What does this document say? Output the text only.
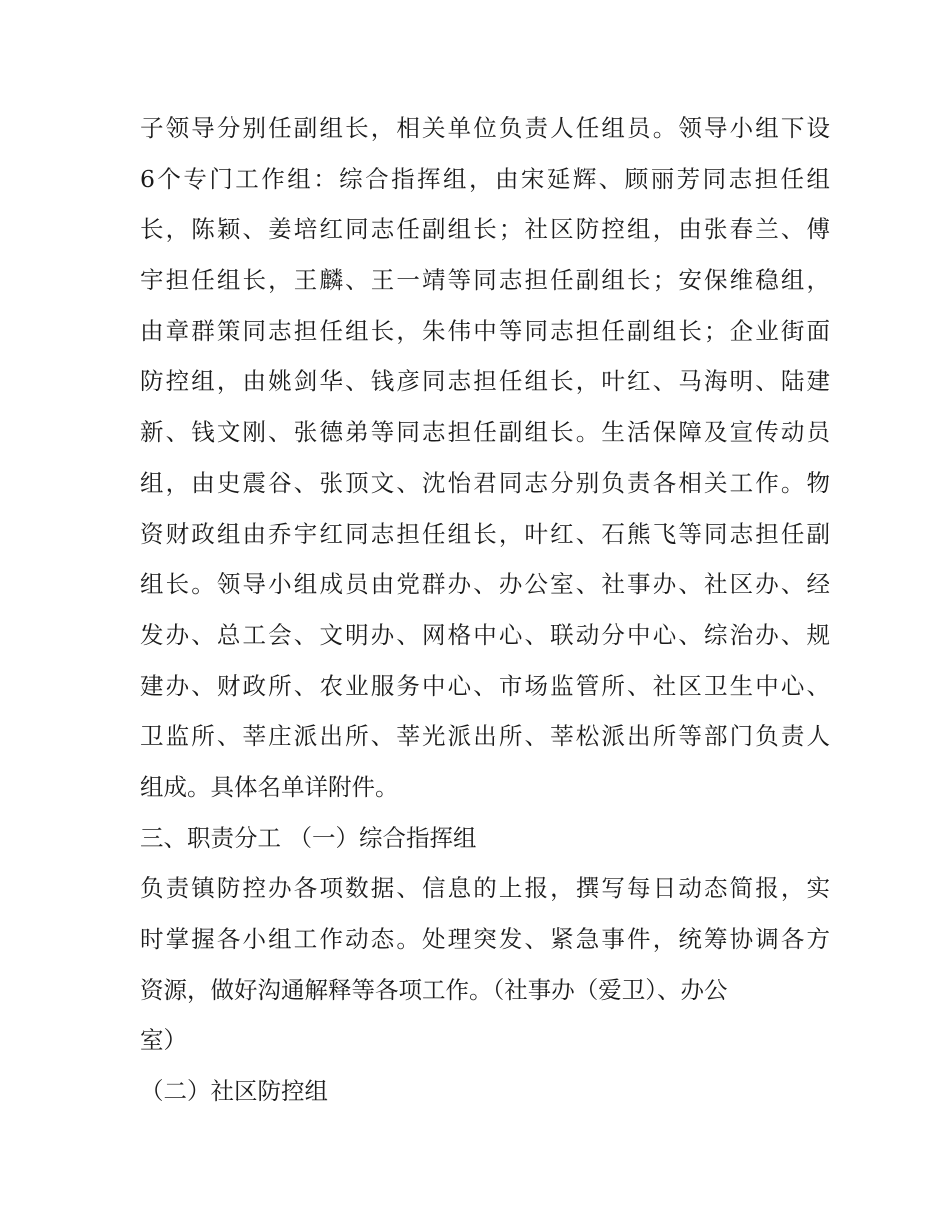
子领导分别任副组长，相关单位负责人任组员。领导小组下设

6个专门工作组：综合指挥组，由宋延辉、顾丽芳同志担任组

长，陈颖、姜培红同志任副组长；社区防控组，由张春兰、傅

宇担任组长，王麟、王一靖等同志担任副组长；安保维稳组，

由章群策同志担任组长，朱伟中等同志担任副组长；企业街面

防控组，由姚剑华、钱彦同志担任组长，叶红、马海明、陆建

新、钱文刚、张德弟等同志担任副组长。生活保障及宣传动员

组，由史震谷、张顶文、沈怡君同志分别负责各相关工作。物

资财政组由乔宇红同志担任组长，叶红、石熊飞等同志担任副

组长。领导小组成员由党群办、办公室、社事办、社区办、经

发办、总工会、文明办、网格中心、联动分中心、综治办、规

建办、财政所、农业服务中心、市场监管所、社区卫生中心、

卫监所、莘庄派出所、莘光派出所、莘松派出所等部门负责人

组成。具体名单详附件。

三、职责分工 （一）综合指挥组

负责镇防控办各项数据、信息的上报，撰写每日动态简报，实

时掌握各小组工作动态。处理突发、紧急事件，统筹协调各方

资源，做好沟通解释等各项工作。（社事办（爱卫）、办公

室）

（二）社区防控组
